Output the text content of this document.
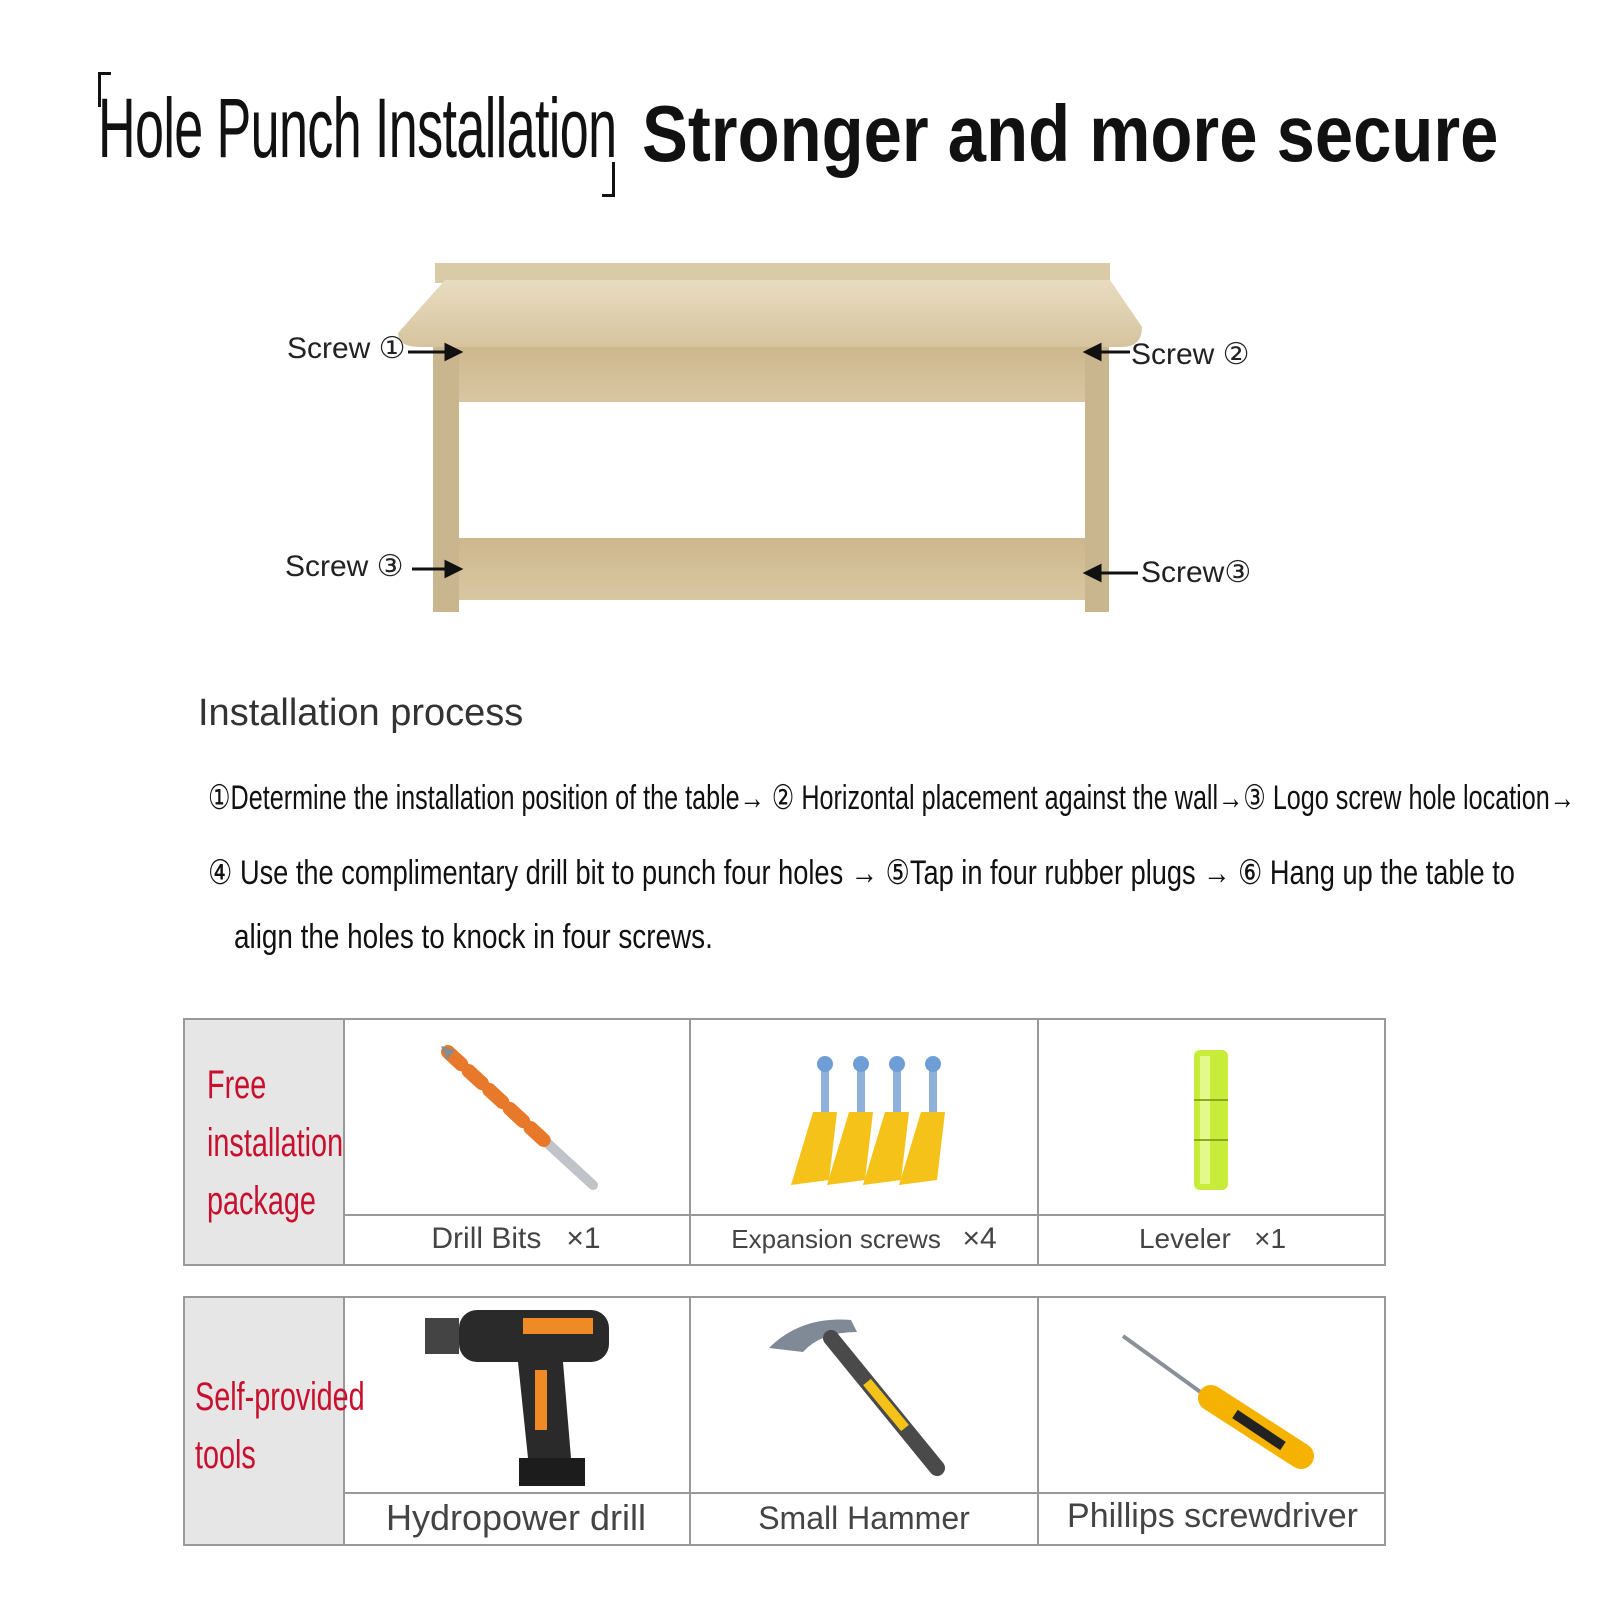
Hole Punch Installation Stronger and more secure
Screw ①	Screw ②
Screw ③	Screw③
Installation process
①Determine the installation position of the table→ ② Horizontal placement against the wall→③ Logo screw hole location→
④ Use the complimentary drill bit to punch four holes → ⑤Tap in four rubber plugs → ⑥ Hang up the table to
align the holes to knock in four screws.
Free
installation
package
Drill Bits ×1	Expansion screws ×4	Leveler ×1
Self-provided
tools
Hydropower drill	Small Hammer	Phillips screwdriver
